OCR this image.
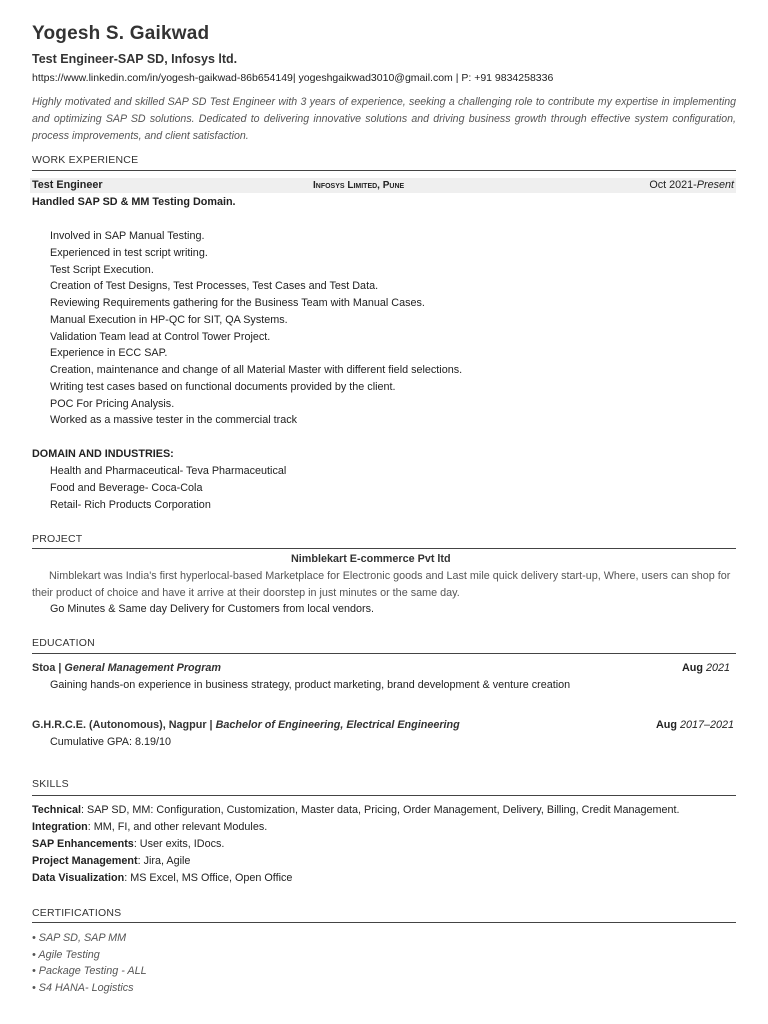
Yogesh S. Gaikwad
Test Engineer-SAP SD, Infosys ltd.
https://www.linkedin.com/in/yogesh-gaikwad-86b654149| yogeshgaikwad3010@gmail.com | P: +91 9834258336
Highly motivated and skilled SAP SD Test Engineer with 3 years of experience, seeking a challenging role to contribute my expertise in implementing and optimizing SAP SD solutions. Dedicated to delivering innovative solutions and driving business growth through effective system configuration, process improvements, and client satisfaction.
WORK EXPERIENCE
Test Engineer	Infosys Limited, Pune	Oct 2021-Present
Handled SAP SD & MM Testing Domain.
Involved in SAP Manual Testing.
Experienced in test script writing.
Test Script Execution.
Creation of Test Designs, Test Processes, Test Cases and Test Data.
Reviewing Requirements gathering for the Business Team with Manual Cases.
Manual Execution in HP-QC for SIT, QA Systems.
Validation Team lead at Control Tower Project.
Experience in ECC SAP.
Creation, maintenance and change of all Material Master with different field selections.
Writing test cases based on functional documents provided by the client.
POC For Pricing Analysis.
Worked as a massive tester in the commercial track
DOMAIN AND INDUSTRIES:
Health and Pharmaceutical- Teva Pharmaceutical
Food and Beverage- Coca-Cola
Retail- Rich Products Corporation
PROJECT
Nimblekart E-commerce Pvt ltd
Nimblekart was India's first hyperlocal-based Marketplace for Electronic goods and Last mile quick delivery start-up, Where, users can shop for their product of choice and have it arrive at their doorstep in just minutes or the same day.
Go Minutes & Same day Delivery for Customers from local vendors.
EDUCATION
Stoa | General Management Program	Aug 2021
Gaining hands-on experience in business strategy, product marketing, brand development & venture creation
G.H.R.C.E. (Autonomous), Nagpur | Bachelor of Engineering, Electrical Engineering	Aug 2017–2021
Cumulative GPA: 8.19/10
SKILLS
Technical: SAP SD, MM: Configuration, Customization, Master data, Pricing, Order Management, Delivery, Billing, Credit Management.
Integration: MM, FI, and other relevant Modules.
SAP Enhancements: User exits, IDocs.
Project Management: Jira, Agile
Data Visualization: MS Excel, MS Office, Open Office
CERTIFICATIONS
• SAP SD, SAP MM
• Agile Testing
• Package Testing - ALL
• S4 HANA- Logistics
